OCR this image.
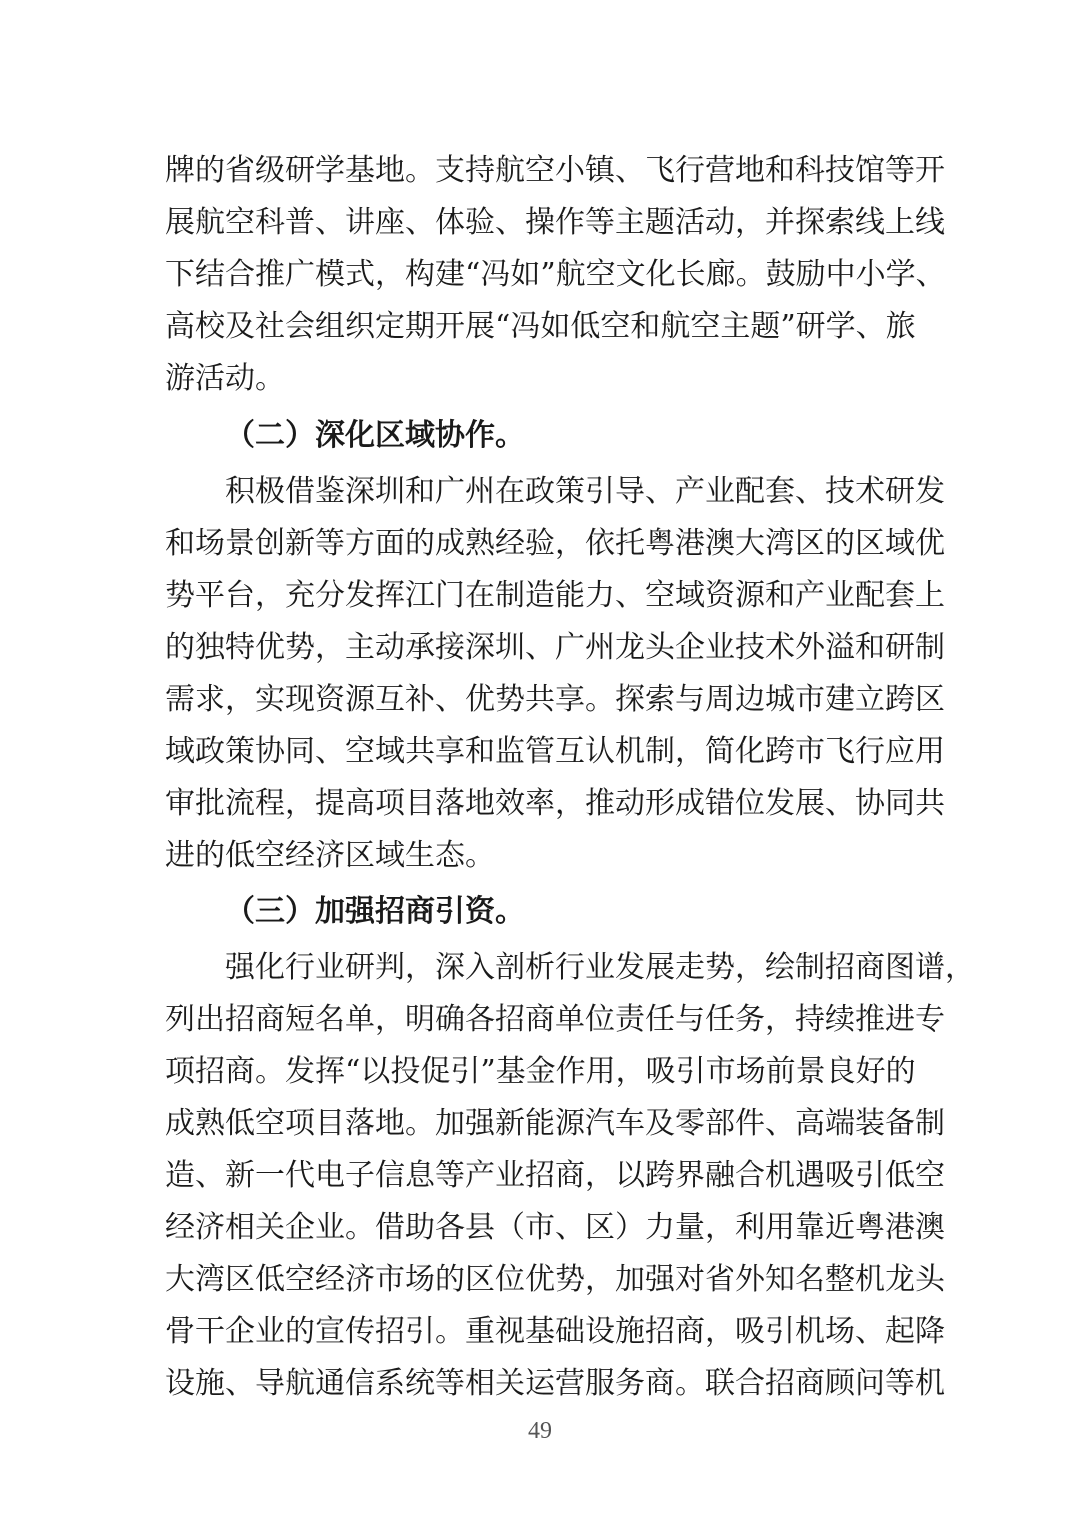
牌的省级研学基地。支持航空小镇、飞行营地和科技馆等开
展航空科普、讲座、体验、操作等主题活动，并探索线上线
下结合推广模式，构建“冯如”航空文化长廊。鼓励中小学、
高校及社会组织定期开展“冯如低空和航空主题”研学、旅
游活动。
（二）深化区域协作。
积极借鉴深圳和广州在政策引导、产业配套、技术研发
和场景创新等方面的成熟经验，依托粤港澳大湾区的区域优
势平台，充分发挥江门在制造能力、空域资源和产业配套上
的独特优势，主动承接深圳、广州龙头企业技术外溢和研制
需求，实现资源互补、优势共享。探索与周边城市建立跨区
域政策协同、空域共享和监管互认机制，简化跨市飞行应用
审批流程，提高项目落地效率，推动形成错位发展、协同共
进的低空经济区域生态。
（三）加强招商引资。
强化行业研判，深入剖析行业发展走势，绘制招商图谱，
列出招商短名单，明确各招商单位责任与任务，持续推进专
项招商。发挥“以投促引”基金作用，吸引市场前景良好的
成熟低空项目落地。加强新能源汽车及零部件、高端装备制
造、新一代电子信息等产业招商，以跨界融合机遇吸引低空
经济相关企业。借助各县（市、区）力量，利用靠近粤港澳
大湾区低空经济市场的区位优势，加强对省外知名整机龙头
骨干企业的宣传招引。重视基础设施招商，吸引机场、起降
设施、导航通信系统等相关运营服务商。联合招商顾问等机
49
